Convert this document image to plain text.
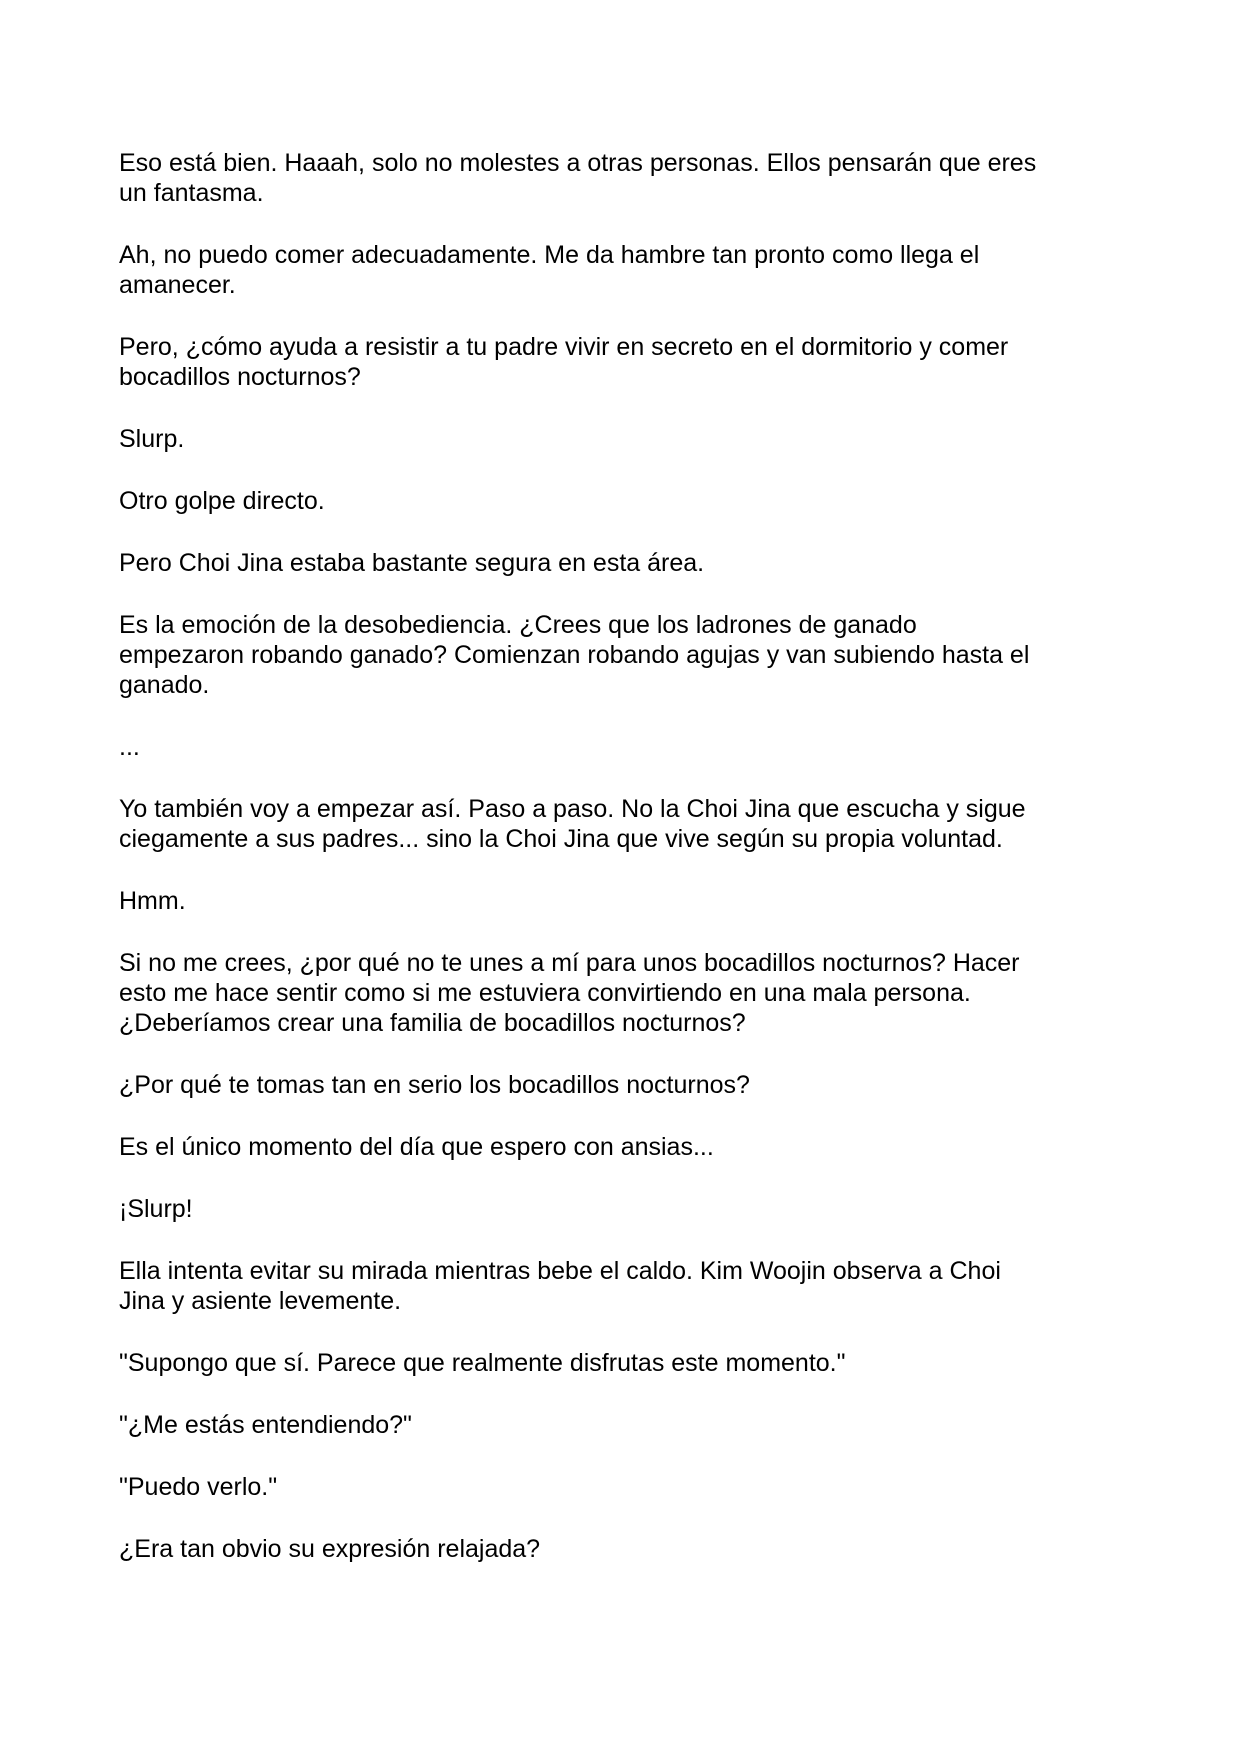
Eso está bien. Haaah, solo no molestes a otras personas. Ellos pensarán que eres
un fantasma.

Ah, no puedo comer adecuadamente. Me da hambre tan pronto como llega el
amanecer.

Pero, ¿cómo ayuda a resistir a tu padre vivir en secreto en el dormitorio y comer
bocadillos nocturnos?

Slurp.

Otro golpe directo.

Pero Choi Jina estaba bastante segura en esta área.

Es la emoción de la desobediencia. ¿Crees que los ladrones de ganado
empezaron robando ganado? Comienzan robando agujas y van subiendo hasta el
ganado.

...

Yo también voy a empezar así. Paso a paso. No la Choi Jina que escucha y sigue
ciegamente a sus padres... sino la Choi Jina que vive según su propia voluntad.

Hmm.

Si no me crees, ¿por qué no te unes a mí para unos bocadillos nocturnos? Hacer
esto me hace sentir como si me estuviera convirtiendo en una mala persona.
¿Deberíamos crear una familia de bocadillos nocturnos?

¿Por qué te tomas tan en serio los bocadillos nocturnos?

Es el único momento del día que espero con ansias...

¡Slurp!

Ella intenta evitar su mirada mientras bebe el caldo. Kim Woojin observa a Choi
Jina y asiente levemente.

"Supongo que sí. Parece que realmente disfrutas este momento."

"¿Me estás entendiendo?"

"Puedo verlo."

¿Era tan obvio su expresión relajada?
